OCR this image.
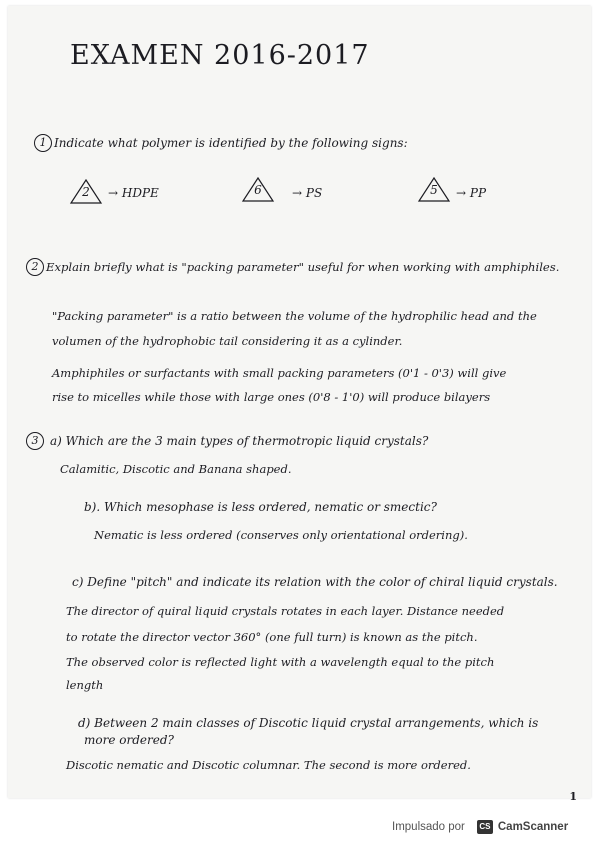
EXAMEN 2016-2017
1 Indicate what polymer is identified by the following signs:
2	→ HDPE	6	→ PS	5	→ PP
2 Explain briefly what is "packing parameter" useful for when working with amphiphiles.
"Packing parameter" is a ratio between the volume of the hydrophilic head and the
volumen of the hydrophobic tail considering it as a cylinder.
Amphiphiles or surfactants with small packing parameters (0'1 - 0'3) will give
rise to micelles while those with large ones (0'8 - 1'0) will produce bilayers
3 a) Which are the 3 main types of thermotropic liquid crystals?
Calamitic, Discotic and Banana shaped.
b). Which mesophase is less ordered, nematic or smectic?
Nematic is less ordered (conserves only orientational ordering).
c) Define "pitch" and indicate its relation with the color of chiral liquid crystals.
The director of quiral liquid crystals rotates in each layer. Distance needed
to rotate the director vector 360° (one full turn) is known as the pitch.
The observed color is reflected light with a wavelength equal to the pitch
length
d) Between 2 main classes of Discotic liquid crystal arrangements, which is
more ordered?
Discotic nematic and Discotic columnar. The second is more ordered.
1
Impulsado por	CS CamScanner
